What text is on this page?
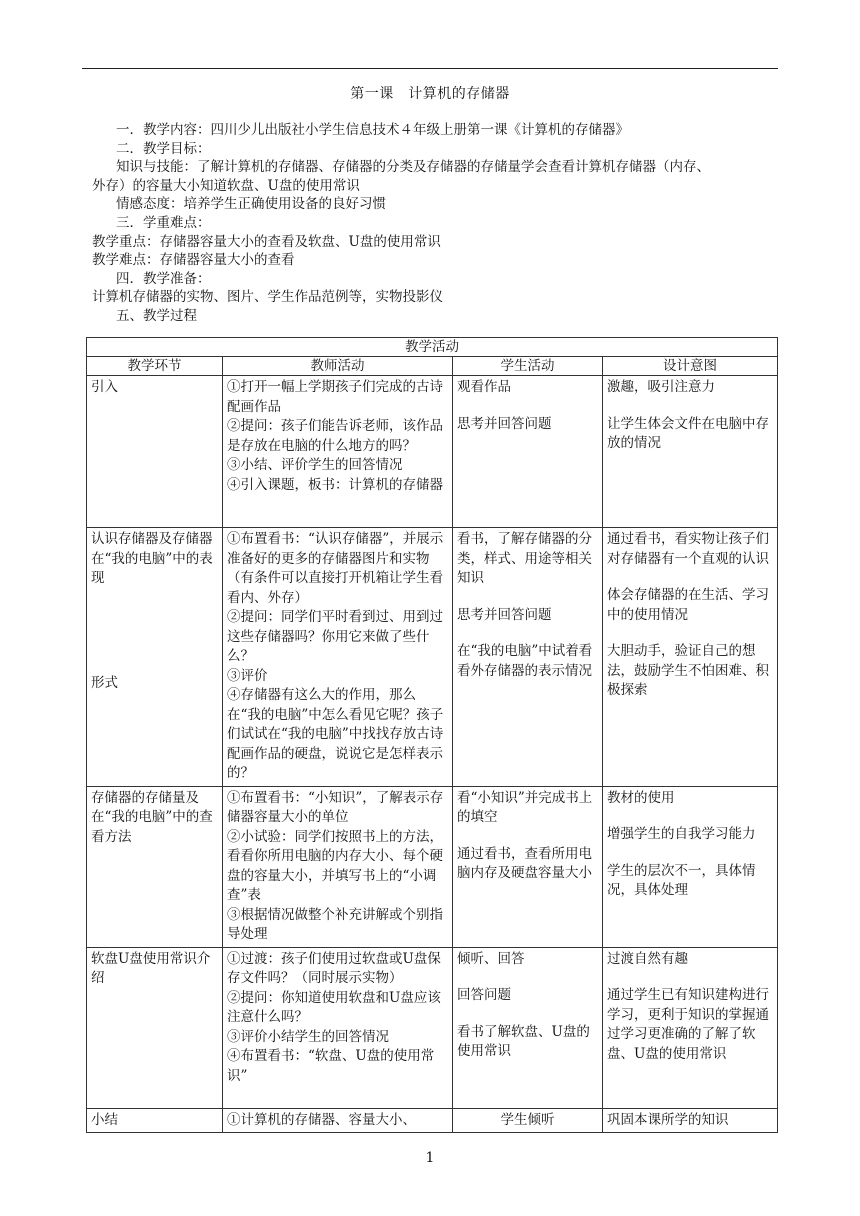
第一课　计算机的存储器
一．教学内容：四川少儿出版社小学生信息技术４年级上册第一课《计算机的存储器》
二．教学目标：
知识与技能：了解计算机的存储器、存储器的分类及存储器的存储量学会查看计算机存储器（内存、
外存）的容量大小知道软盘、U盘的使用常识
情感态度：培养学生正确使用设备的良好习惯
三．学重难点：
教学重点：存储器容量大小的查看及软盘、U盘的使用常识
教学难点：存储器容量大小的查看
四．教学准备：
计算机存储器的实物、图片、学生作品范例等，实物投影仪
五、教学过程
教学活动			
教学环节	教师活动	学生活动	设计意图

引入	①打开一幅上学期孩子们完成的古诗配画作品
②提问：孩子们能告诉老师，该作品是存放在电脑的什么地方的吗？
③小结、评价学生的回答情况
④引入课题，板书：计算机的存储器	观看作品
思考并回答问题	激趣，吸引注意力
让学生体会文件在电脑中存放的情况

认识存储器及存储器在“我的电脑”中的表现
形式	①布置看书：“认识存储器”，并展示准备好的更多的存储器图片和实物（有条件可以直接打开机箱让学生看看内、外存）
②提问：同学们平时看到过、用到过这些存储器吗？你用它来做了些什么？
③评价
④存储器有这么大的作用，那么在“我的电脑”中怎么看见它呢？孩子们试试在“我的电脑”中找找存放古诗配画作品的硬盘，说说它是怎样表示的？	看书，了解存储器的分类，样式、用途等相关知识
思考并回答问题
在“我的电脑”中试着看看外存储器的表示情况	通过看书，看实物让孩子们对存储器有一个直观的认识
体会存储器的在生活、学习中的使用情况
大胆动手，验证自己的想法，鼓励学生不怕困难、积极探索

存储器的存储量及在“我的电脑”中的查看方法	①布置看书：“小知识”，了解表示存储器容量大小的单位
②小试验：同学们按照书上的方法，看看你所用电脑的内存大小、每个硬盘的容量大小，并填写书上的“小调查”表
③根据情况做整个补充讲解或个别指导处理	看“小知识”并完成书上的填空
通过看书，查看所用电脑内存及硬盘容量大小	教材的使用
增强学生的自我学习能力
学生的层次不一，具体情况，具体处理

软盘U盘使用常识介绍	①过渡：孩子们使用过软盘或U盘保存文件吗？（同时展示实物）
②提问：你知道使用软盘和U盘应该注意什么吗？
③评价小结学生的回答情况
④布置看书：“软盘、U盘的使用常识”	倾听、回答
回答问题
看书了解软盘、U盘的使用常识	过渡自然有趣
通过学生已有知识建构进行学习，更利于知识的掌握通过学习更准确的了解了软盘、U盘的使用常识

小结	①计算机的存储器、容量大小、	学生倾听	巩固本课所学的知识
1
